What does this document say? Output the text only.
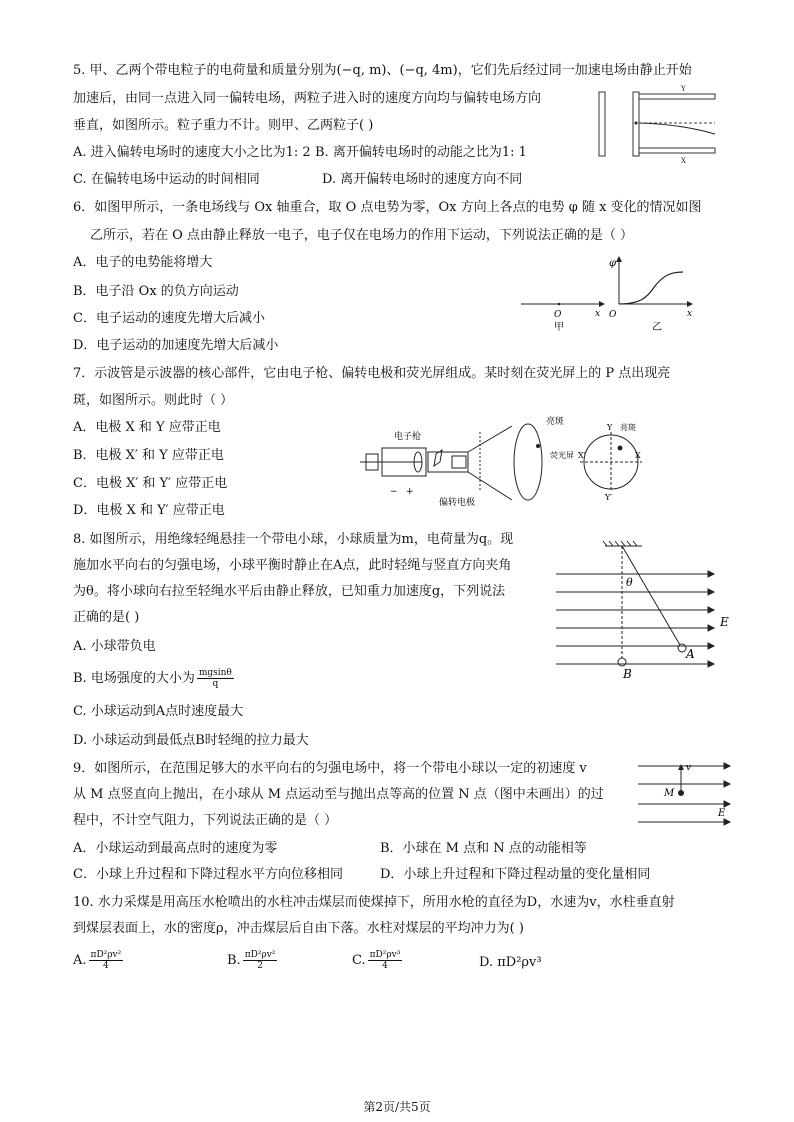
5. 甲、乙两个带电粒子的电荷量和质量分别为(−q, m)、(−q, 4m)，它们先后经过同一加速电场由静止开始
加速后，由同一点进入同一偏转电场，两粒子进入时的速度方向均与偏转电场方向
垂直，如图所示。粒子重力不计。则甲、乙两粒子( )
A. 进入偏转电场时的速度大小之比为1: 2 B. 离开偏转电场时的动能之比为1: 1
C. 在偏转电场中运动的时间相同	D. 离开偏转电场时的速度方向不同
Y
X
6．如图甲所示，一条电场线与 Ox 轴重合，取 O 点电势为零，Ox 方向上各点的电势 φ 随 x 变化的情况如图
乙所示，若在 O 点由静止释放一电子，电子仅在电场力的作用下运动，下列说法正确的是（ ）
A．电子的电势能将增大
B．电子沿 Ox 的负方向运动
C．电子运动的速度先增大后减小
D．电子运动的加速度先增大后减小
O	x
甲
φ
O	x
乙
7．示波管是示波器的核心部件，它由电子枪、偏转电极和荧光屏组成。某时刻在荧光屏上的 P 点出现亮
斑，如图所示。则此时（ ）
A．电极 X 和 Y 应带正电
B．电极 X′ 和 Y 应带正电
C．电极 X′ 和 Y′ 应带正电
D．电极 X 和 Y′ 应带正电
电子枪
偏转电极
亮斑
荧光屏
Y 亮斑
X
X′
Y′
− +
8. 如图所示，用绝缘轻绳悬挂一个带电小球，小球质量为m，电荷量为q。现
施加水平向右的匀强电场，小球平衡时静止在A点，此时轻绳与竖直方向夹角
为θ。将小球向右拉至轻绳水平后由静止释放，已知重力加速度g，下列说法
正确的是( )
A. 小球带负电
B. 电场强度的大小为 $\frac{mgsin\theta}{q}$
C. 小球运动到A点时速度最大
D. 小球运动到最低点B时轻绳的拉力最大
θ
E
A
B
9．如图所示，在范围足够大的水平向右的匀强电场中，将一个带电小球以一定的初速度 v
从 M 点竖直向上抛出，在小球从 M 点运动至与抛出点等高的位置 N 点（图中未画出）的过
程中，不计空气阻力，下列说法正确的是（ ）
A．小球运动到最高点时的速度为零	B．小球在 M 点和 N 点的动能相等
C．小球上升过程和下降过程水平方向位移相同	D．小球上升过程和下降过程动量的变化量相同
v
M
E
10. 水力采煤是用高压水枪喷出的水柱冲击煤层而使煤掉下，所用水枪的直径为D，水速为v，水柱垂直射
到煤层表面上，水的密度ρ，冲击煤层后自由下落。水柱对煤层的平均冲力为( )
A. $\frac{\text{πD²ρv²}}{4}$	B. $\frac{\text{πD²ρv²}}{2}$	C. $\frac{\text{πD²ρv³}}{4}$	D. πD²ρv³
第2页/共5页
